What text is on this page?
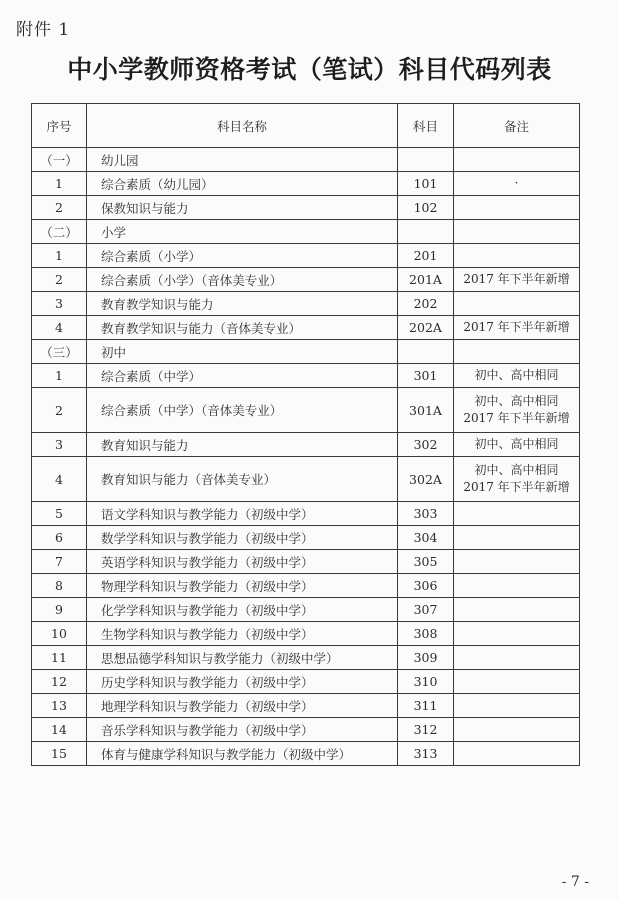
附件 1
中小学教师资格考试（笔试）科目代码列表
序号	科目名称	科目	备注
（一）	幼儿园		
1	综合素质（幼儿园）	101	·

2	保教知识与能力	102	
（二）	小学		
1	综合素质（小学）	201	
2	综合素质（小学）（音体美专业）	201A	2017 年下半年新增

3	教育教学知识与能力	202	
4	教育教学知识与能力（音体美专业）	202A	2017 年下半年新增

（三）	初中		
1	综合素质（中学）	301	初中、高中相同

2	综合素质（中学）（音体美专业）	301A	初中、高中相同
2017 年下半年新增

3	教育知识与能力	302	初中、高中相同

4	教育知识与能力（音体美专业）	302A	初中、高中相同
2017 年下半年新增

5	语文学科知识与教学能力（初级中学）	303	
6	数学学科知识与教学能力（初级中学）	304	
7	英语学科知识与教学能力（初级中学）	305	
8	物理学科知识与教学能力（初级中学）	306	
9	化学学科知识与教学能力（初级中学）	307	
10	生物学科知识与教学能力（初级中学）	308	
11	思想品德学科知识与教学能力（初级中学）	309	
12	历史学科知识与教学能力（初级中学）	310	
13	地理学科知识与教学能力（初级中学）	311	
14	音乐学科知识与教学能力（初级中学）	312	
15	体育与健康学科知识与教学能力（初级中学）	313	
- 7 -
